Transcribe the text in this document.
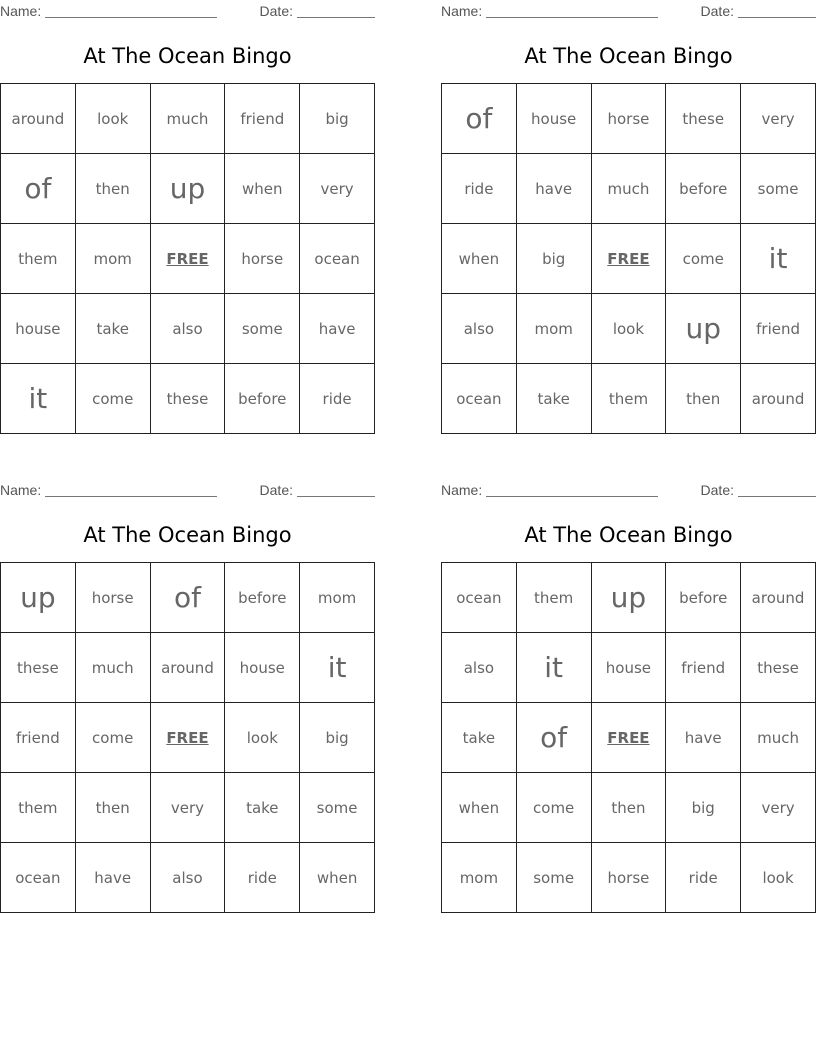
Name:	Date:
At The Ocean Bingo
around	look	much	friend	big
of	then	up	when	very
them	mom	FREE	horse	ocean
house	take	also	some	have
it	come	these	before	ride
Name:	Date:
At The Ocean Bingo
of	house	horse	these	very
ride	have	much	before	some
when	big	FREE	come	it
also	mom	look	up	friend
ocean	take	them	then	around
Name:	Date:
At The Ocean Bingo
up	horse	of	before	mom
these	much	around	house	it
friend	come	FREE	look	big
them	then	very	take	some
ocean	have	also	ride	when
Name:	Date:
At The Ocean Bingo
ocean	them	up	before	around
also	it	house	friend	these
take	of	FREE	have	much
when	come	then	big	very
mom	some	horse	ride	look
